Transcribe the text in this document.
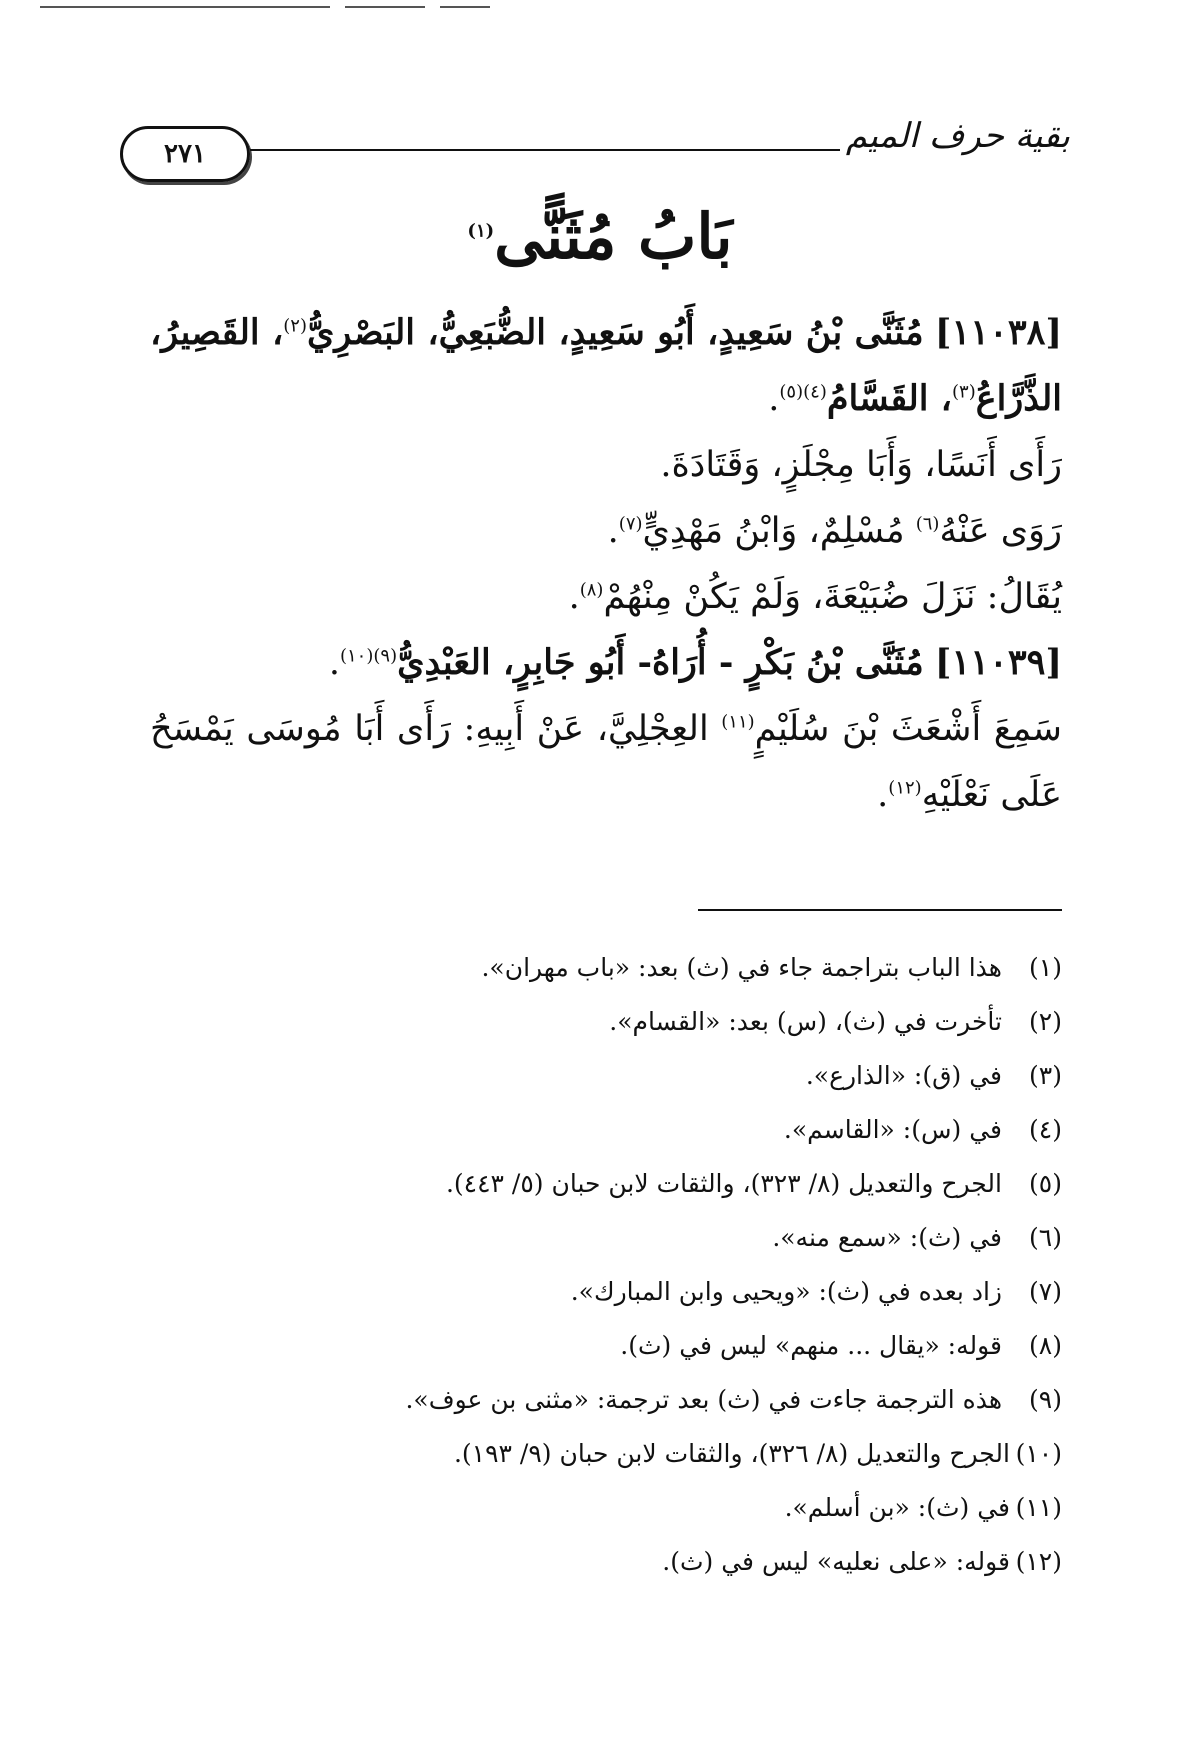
٢٧١	بقية حرف الميم
بَابُ مُثَنًّى$^{(١)}$

[١١٠٣٨] مُثَنَّى بْنُ سَعِيدٍ، أَبُو سَعِيدٍ، الضُّبَعِيُّ، البَصْرِيُّ$^{(٢)}$، القَصِيرُ، الذَّرَّاعُ$^{(٣)}$، القَسَّامُ$^{(٤)(٥)}$.

رَأَى أَنَسًا، وَأَبَا مِجْلَزٍ، وَقَتَادَةَ.

رَوَى عَنْهُ$^{(٦)}$ مُسْلِمٌ، وَابْنُ مَهْدِيٍّ$^{(٧)}$.

يُقَالُ: نَزَلَ ضُبَيْعَةَ، وَلَمْ يَكُنْ مِنْهُمْ$^{(٨)}$.

[١١٠٣٩] مُثَنَّى بْنُ بَكْرٍ - أُرَاهُ- أَبُو جَابِرٍ، العَبْدِيُّ$^{(٩)(١٠)}$.

سَمِعَ أَشْعَثَ بْنَ سُلَيْمٍ$^{(١١)}$ العِجْلِيَّ، عَنْ أَبِيهِ: رَأَى أَبَا مُوسَى يَمْسَحُ عَلَى نَعْلَيْهِ$^{(١٢)}$.

(١)
هذا الباب بتراجمة جاء في (ث) بعد: «باب مهران».
(٢)
تأخرت في (ث)، (س) بعد: «القسام».
(٣)
في (ق): «الذارع».
(٤)
في (س): «القاسم».
(٥)
الجرح والتعديل (٨/ ٣٢٣)، والثقات لابن حبان (٥/ ٤٤٣).
(٦)
في (ث): «سمع منه».
(٧)
زاد بعده في (ث): «ويحيى وابن المبارك».
(٨)
قوله: «يقال ... منهم» ليس في (ث).
(٩)
هذه الترجمة جاءت في (ث) بعد ترجمة: «مثنى بن عوف».
(١٠)
الجرح والتعديل (٨/ ٣٢٦)، والثقات لابن حبان (٩/ ١٩٣).
(١١)
في (ث): «بن أسلم».
(١٢)
قوله: «على نعليه» ليس في (ث).
